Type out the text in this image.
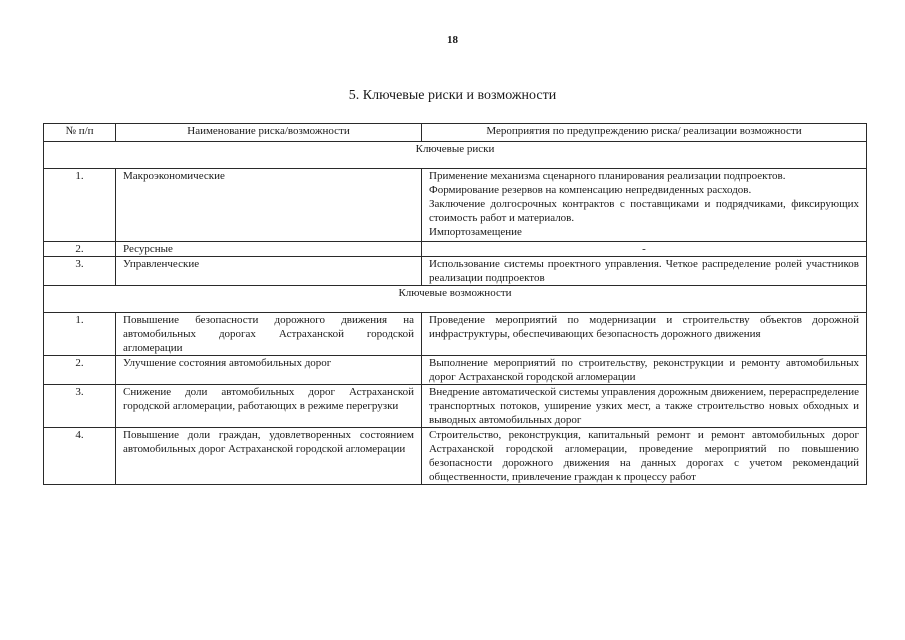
18
5. Ключевые риски и возможности
№ п/п	Наименование риска/возможности	Мероприятия по предупреждению риска/ реализации возможности
Ключевые риски		
1.	Макроэкономические	Применение механизма сценарного планирования реализации подпроектов.
Формирование резервов на компенсацию непредвиденных расходов.
Заключение долгосрочных контрактов с поставщиками и подрядчиками, фиксирующих стоимость работ и материалов.
Импортозамещение

2.	Ресурсные	-
3.	Управленческие	Использование системы проектного управления. Четкое распределение ролей участников реализации подпроектов
Ключевые возможности		
1.	Повышение безопасности дорожного движения на автомобильных дорогах Астраханской городской агломерации	Проведение мероприятий по модернизации и строительству объектов дорожной инфраструктуры, обеспечивающих безопасность дорожного движения
2.	Улучшение состояния автомобильных дорог	Выполнение мероприятий по строительству, реконструкции и ремонту автомобильных дорог Астраханской городской агломерации
3.	Снижение доли автомобильных дорог Астраханской городской агломерации, работающих в режиме перегрузки	Внедрение автоматической системы управления дорожным движением, перераспределение транспортных потоков, уширение узких мест, а также строительство новых обходных и выводных автомобильных дорог
4.	Повышение доли граждан, удовлетворенных состоянием автомобильных дорог Астраханской городской агломерации	Строительство, реконструкция, капитальный ремонт и ремонт автомобильных дорог Астраханской городской агломерации, проведение мероприятий по повышению безопасности дорожного движения на данных дорогах с учетом рекомендаций общественности, привлечение граждан к процессу работ
